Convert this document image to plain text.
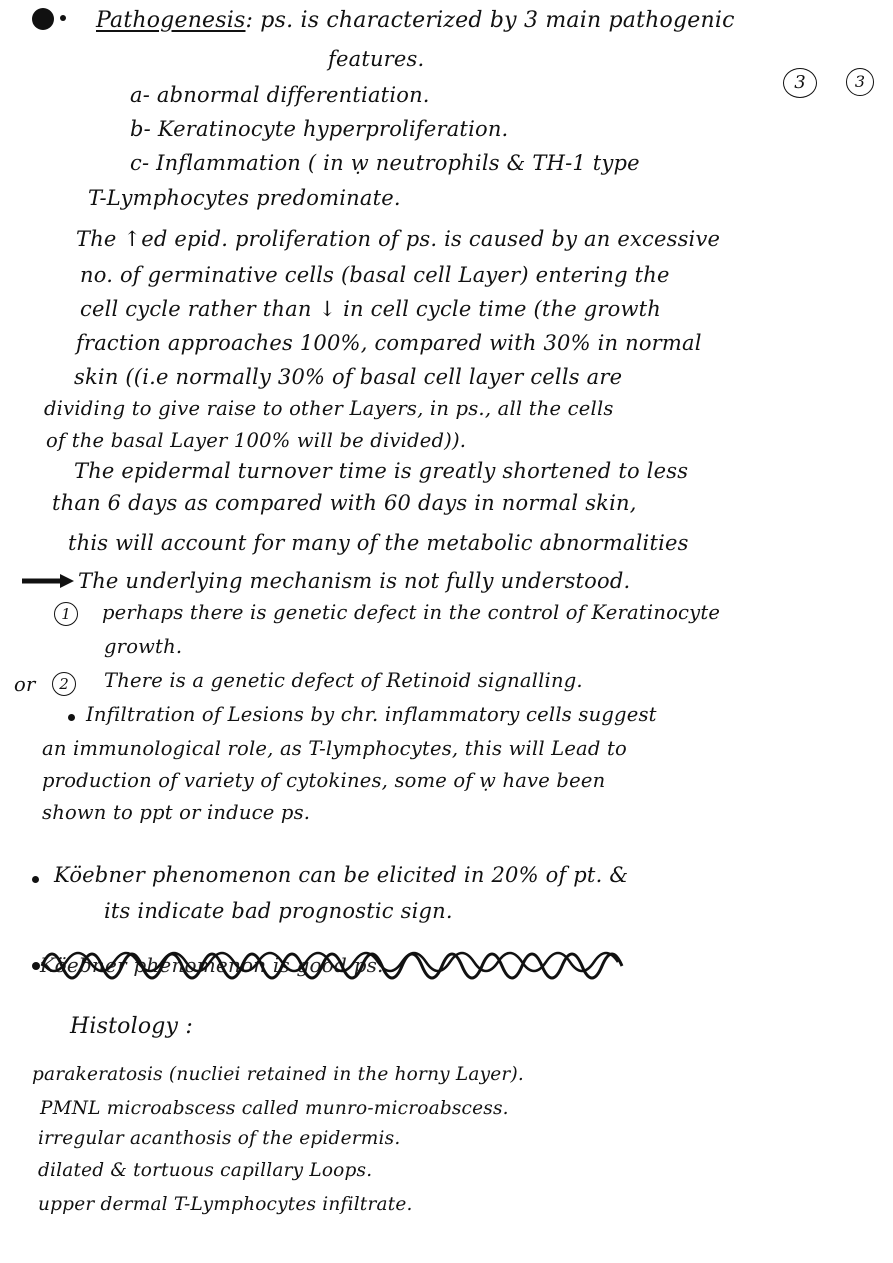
Pathogenesis: ps. is characterized by 3 main pathogenic
features.
3	3
a- abnormal differentiation.
b- Keratinocyte hyperproliferation.
c- Inflammation ( in ẉ neutrophils & TH-1 type
T-Lymphocytes predominate.
The ↑ed epid. proliferation of ps. is caused by an excessive
no. of germinative cells (basal cell Layer) entering the
cell cycle rather than ↓ in cell cycle time (the growth
fraction approaches 100%, compared with 30% in normal
skin ((i.e normally 30% of basal cell layer cells are
dividing to give raise to other Layers, in ps., all the cells
of the basal Layer 100% will be divided)).
The epidermal turnover time is greatly shortened to less
than 6 days as compared with 60 days in normal skin,
this will account for many of the metabolic abnormalities
The underlying mechanism is not fully understood.
1	perhaps there is genetic defect in the control of Keratinocyte
growth.
or	2	There is a genetic defect of Retinoid signalling.
Infiltration of Lesions by chr. inflammatory cells suggest
an immunological role, as T-lymphocytes, this will Lead to
production of variety of cytokines, some of ẉ have been
shown to ppt or induce ps.
Köebner phenomenon can be elicited in 20% of pt. &
its indicate bad prognostic sign.
Köebner phenomenon is good ps.
Histology :
parakeratosis (nucliei retained in the horny Layer).
PMNL microabscess called munro-microabscess.
irregular acanthosis of the epidermis.
dilated & tortuous capillary Loops.
upper dermal T-Lymphocytes infiltrate.
